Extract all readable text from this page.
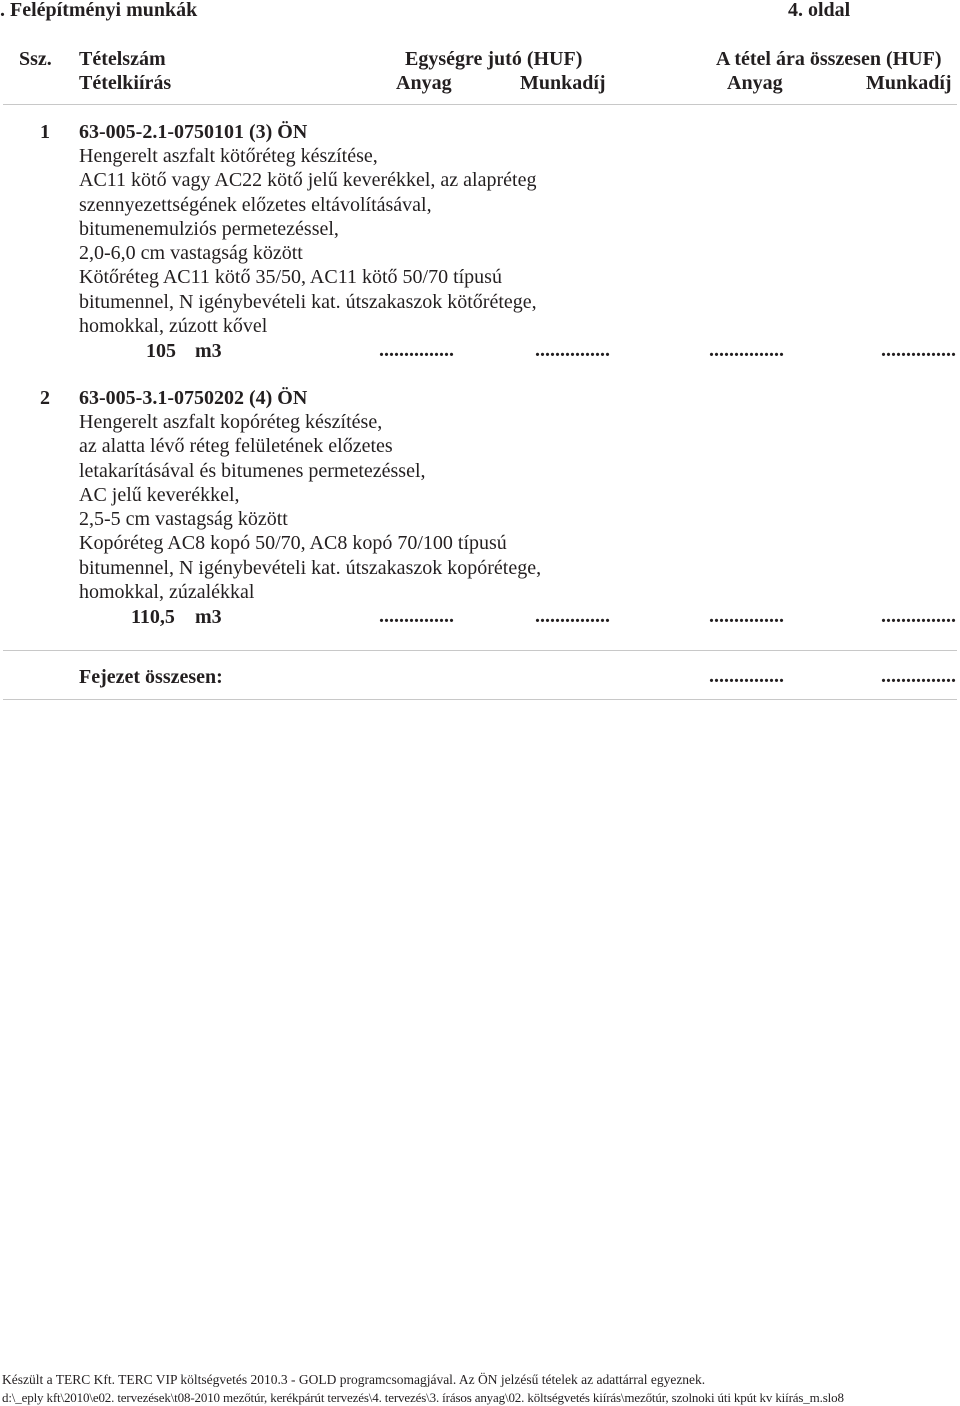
. Felépítményi munkák	4. oldal
Ssz. Tételszám
Tételkiírás
Egységre jutó (HUF)	A tétel ára összesen (HUF)
Anyag	Munkadíj	Anyag	Munkadíj
1 63-005-2.1-0750101 (3) ÖN
Hengerelt aszfalt kötőréteg készítése,
AC11 kötő vagy AC22 kötő jelű keverékkel, az alapréteg
szennyezettségének előzetes eltávolításával,
bitumenemulziós permetezéssel,
2,0-6,0 cm vastagság között
Kötőréteg AC11 kötő 35/50, AC11 kötő 50/70 típusú
bitumennel, N igénybevételi kat. útszakaszok kötőrétege,
homokkal, zúzott kővel
105 m3	...............	...............	...............	...............
2 63-005-3.1-0750202 (4) ÖN
Hengerelt aszfalt kopóréteg készítése,
az alatta lévő réteg felületének előzetes
letakarításával és bitumenes permetezéssel,
AC jelű keverékkel,
2,5-5 cm vastagság között
Kopóréteg AC8 kopó 50/70, AC8 kopó 70/100 típusú
bitumennel, N igénybevételi kat. útszakaszok kopórétege,
homokkal, zúzalékkal
110,5 m3	...............	...............	...............	...............
Fejezet összesen:	...............	...............
Készült a TERC Kft. TERC VIP költségvetés 2010.3 - GOLD programcsomagjával. Az ÖN jelzésű tételek az adattárral egyeznek.
d:\_eply kft\2010\e02. tervezések\t08-2010 mezőtúr, kerékpárút tervezés\4. tervezés\3. írásos anyag\02. költségvetés kiírás\mezőtúr, szolnoki úti kpút kv kiírás_m.slo8
